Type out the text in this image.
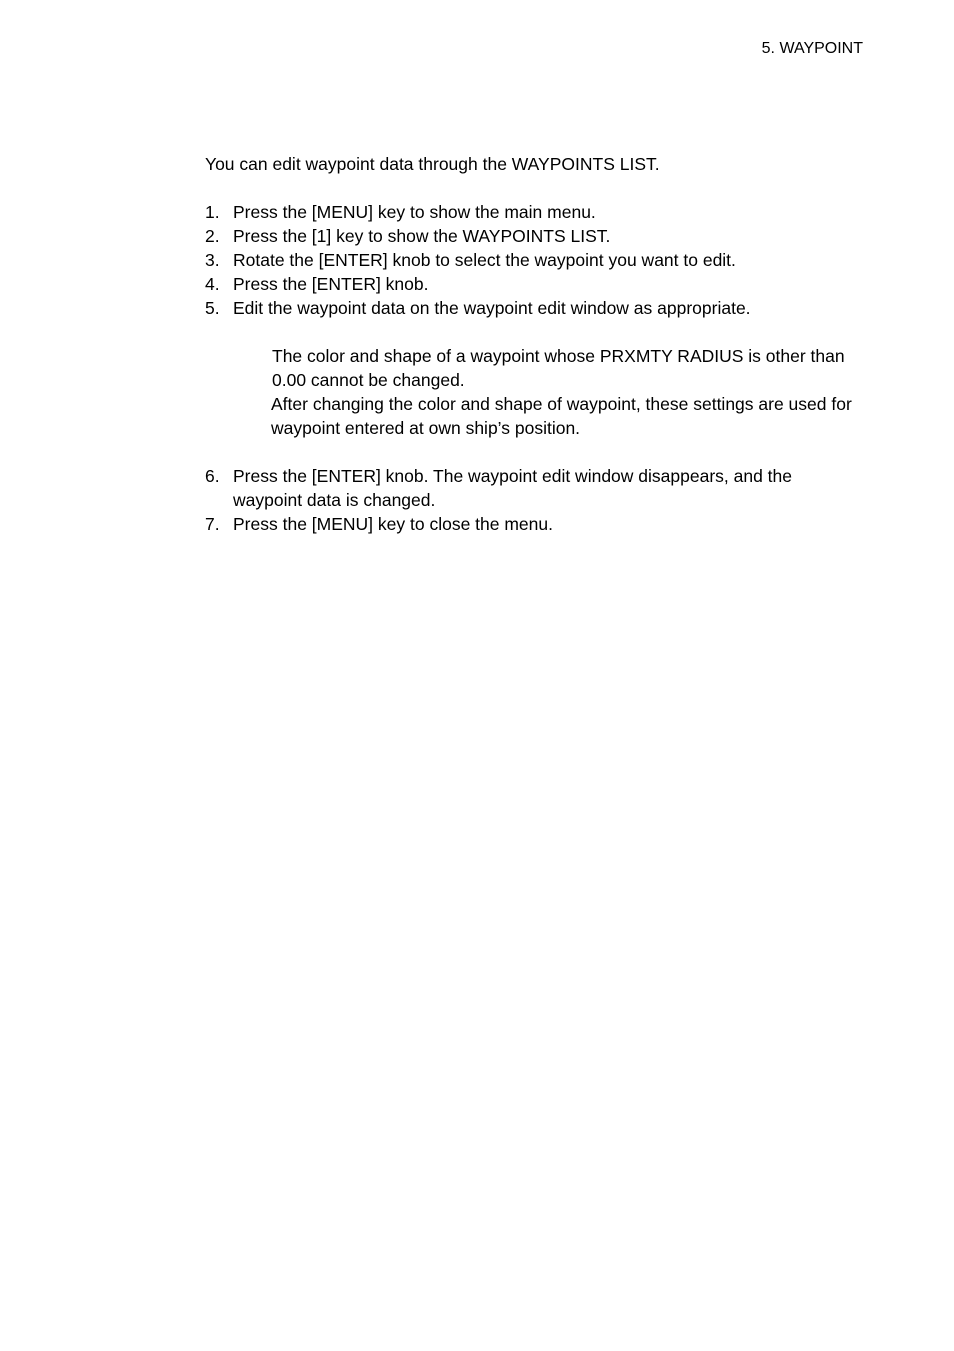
5. WAYPOINT

You can edit waypoint data through the WAYPOINTS LIST.

1. Press the [MENU] key to show the main menu.
2. Press the [1] key to show the WAYPOINTS LIST.
3. Rotate the [ENTER] knob to select the waypoint you want to edit.
4. Press the [ENTER] knob.
5. Edit the waypoint data on the waypoint edit window as appropriate.

The color and shape of a waypoint whose PRXMTY RADIUS is other than 0.00 cannot be changed.

After changing the color and shape of waypoint, these settings are used for waypoint entered at own ship’s position.

6. Press the [ENTER] knob. The waypoint edit window disappears, and the waypoint data is changed.
7. Press the [MENU] key to close the menu.
